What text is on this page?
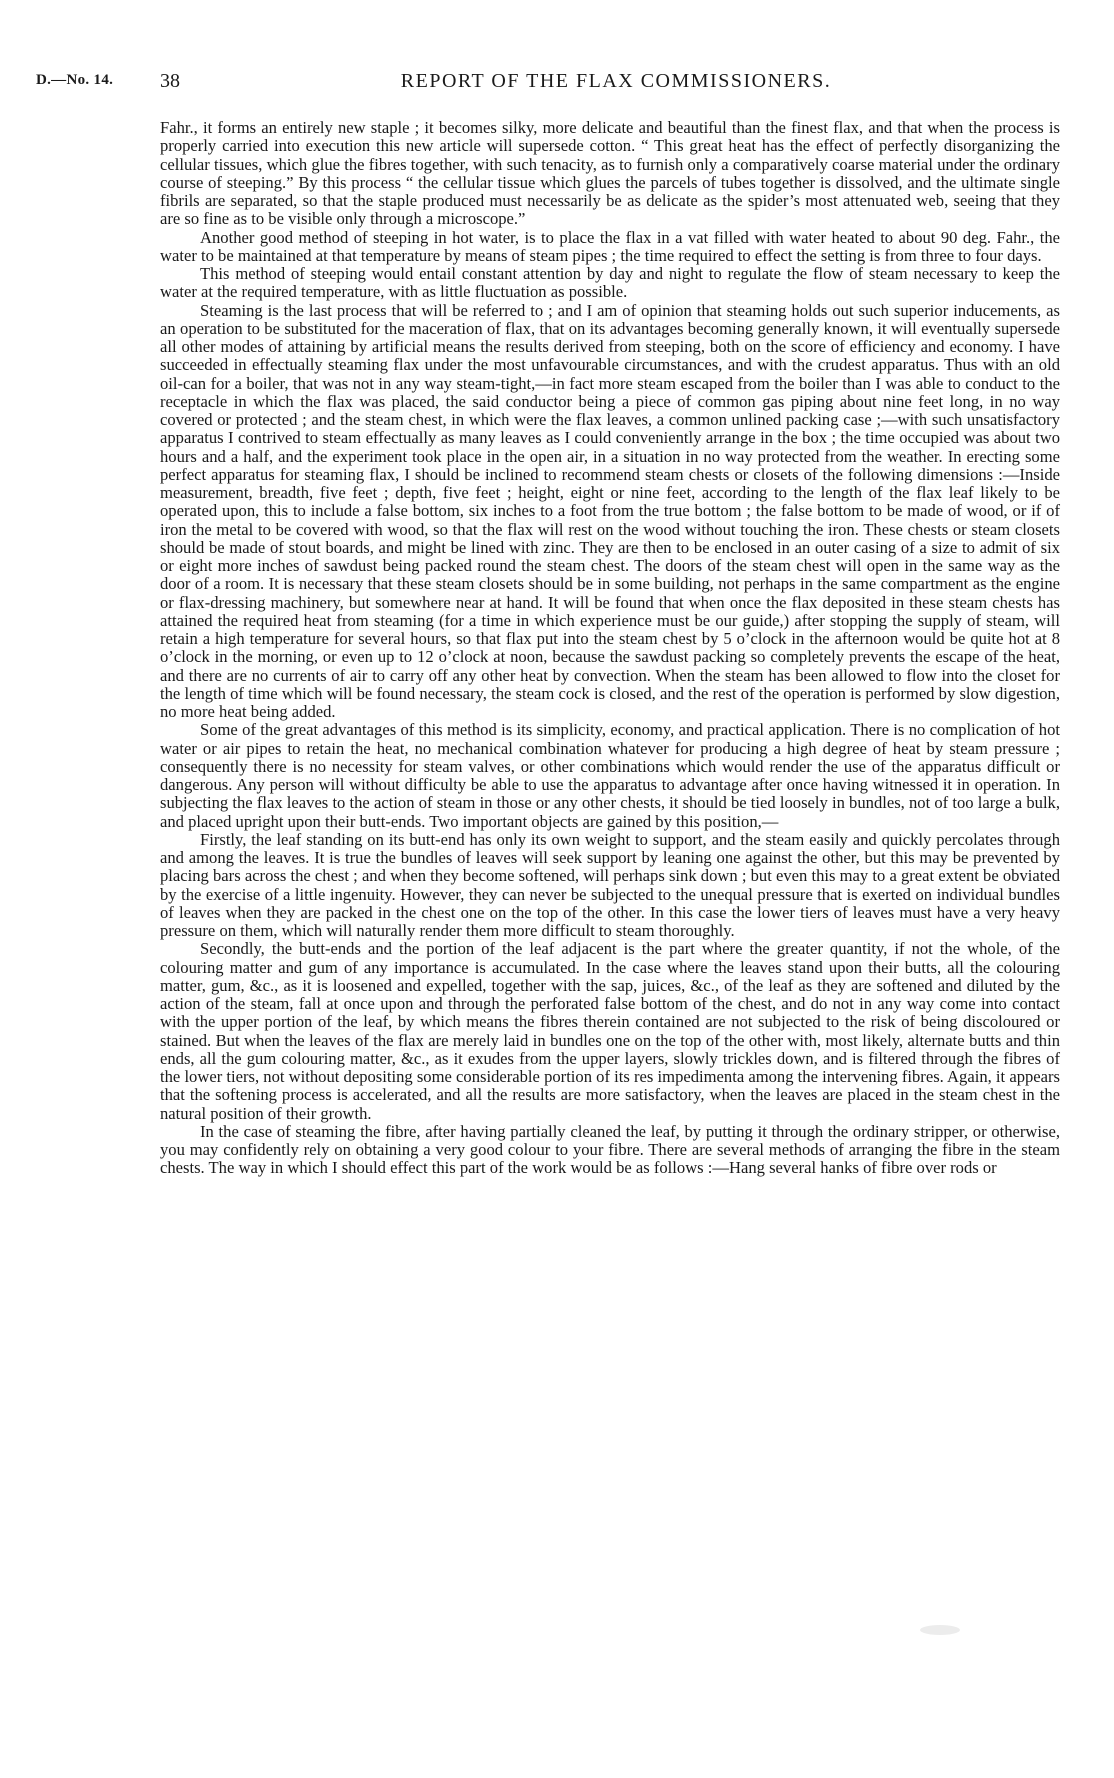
D.—No. 14. 38	REPORT OF THE FLAX COMMISSIONERS.

Fahr., it forms an entirely new staple ; it becomes silky, more delicate and beautiful than the finest flax, and that when the process is properly carried into execution this new article will supersede cotton. “ This great heat has the effect of perfectly disorganizing the cellular tissues, which glue the fibres together, with such tenacity, as to furnish only a comparatively coarse material under the ordinary course of steeping.” By this process “ the cellular tissue which glues the parcels of tubes together is dissolved, and the ultimate single fibrils are separated, so that the staple produced must necessarily be as delicate as the spider’s most attenuated web, seeing that they are so fine as to be visible only through a microscope.”

Another good method of steeping in hot water, is to place the flax in a vat filled with water heated to about 90 deg. Fahr., the water to be maintained at that temperature by means of steam pipes ; the time required to effect the setting is from three to four days.

This method of steeping would entail constant attention by day and night to regulate the flow of steam necessary to keep the water at the required temperature, with as little fluctuation as possible.

Steaming is the last process that will be referred to ; and I am of opinion that steaming holds out such superior inducements, as an operation to be substituted for the maceration of flax, that on its advantages becoming generally known, it will eventually supersede all other modes of attaining by artificial means the results derived from steeping, both on the score of efficiency and economy. I have succeeded in effectually steaming flax under the most unfavourable circumstances, and with the crudest apparatus. Thus with an old oil-can for a boiler, that was not in any way steam-tight,—in fact more steam escaped from the boiler than I was able to conduct to the receptacle in which the flax was placed, the said conductor being a piece of common gas piping about nine feet long, in no way covered or protected ; and the steam chest, in which were the flax leaves, a common unlined packing case ;—with such unsatisfactory apparatus I contrived to steam effectually as many leaves as I could conveniently arrange in the box ; the time occupied was about two hours and a half, and the experiment took place in the open air, in a situation in no way protected from the weather. In erecting some perfect apparatus for steaming flax, I should be inclined to recommend steam chests or closets of the following dimensions :—Inside measurement, breadth, five feet ; depth, five feet ; height, eight or nine feet, according to the length of the flax leaf likely to be operated upon, this to include a false bottom, six inches to a foot from the true bottom ; the false bottom to be made of wood, or if of iron the metal to be covered with wood, so that the flax will rest on the wood without touching the iron. These chests or steam closets should be made of stout boards, and might be lined with zinc. They are then to be enclosed in an outer casing of a size to admit of six or eight more inches of sawdust being packed round the steam chest. The doors of the steam chest will open in the same way as the door of a room. It is necessary that these steam closets should be in some building, not perhaps in the same compartment as the engine or flax-dressing machinery, but somewhere near at hand. It will be found that when once the flax deposited in these steam chests has attained the required heat from steaming (for a time in which experience must be our guide,) after stopping the supply of steam, will retain a high temperature for several hours, so that flax put into the steam chest by 5 o’clock in the afternoon would be quite hot at 8 o’clock in the morning, or even up to 12 o’clock at noon, because the sawdust packing so completely prevents the escape of the heat, and there are no currents of air to carry off any other heat by convection. When the steam has been allowed to flow into the closet for the length of time which will be found necessary, the steam cock is closed, and the rest of the operation is performed by slow digestion, no more heat being added.

Some of the great advantages of this method is its simplicity, economy, and practical application. There is no complication of hot water or air pipes to retain the heat, no mechanical combination whatever for producing a high degree of heat by steam pressure ; consequently there is no necessity for steam valves, or other combinations which would render the use of the apparatus difficult or dangerous. Any person will without difficulty be able to use the apparatus to advantage after once having witnessed it in operation. In subjecting the flax leaves to the action of steam in those or any other chests, it should be tied loosely in bundles, not of too large a bulk, and placed upright upon their butt-ends. Two important objects are gained by this position,—

Firstly, the leaf standing on its butt-end has only its own weight to support, and the steam easily and quickly percolates through and among the leaves. It is true the bundles of leaves will seek support by leaning one against the other, but this may be prevented by placing bars across the chest ; and when they become softened, will perhaps sink down ; but even this may to a great extent be obviated by the exercise of a little ingenuity. However, they can never be subjected to the unequal pressure that is exerted on individual bundles of leaves when they are packed in the chest one on the top of the other. In this case the lower tiers of leaves must have a very heavy pressure on them, which will naturally render them more difficult to steam thoroughly.

Secondly, the butt-ends and the portion of the leaf adjacent is the part where the greater quantity, if not the whole, of the colouring matter and gum of any importance is accumulated. In the case where the leaves stand upon their butts, all the colouring matter, gum, &c., as it is loosened and expelled, together with the sap, juices, &c., of the leaf as they are softened and diluted by the action of the steam, fall at once upon and through the perforated false bottom of the chest, and do not in any way come into contact with the upper portion of the leaf, by which means the fibres therein contained are not subjected to the risk of being discoloured or stained. But when the leaves of the flax are merely laid in bundles one on the top of the other with, most likely, alternate butts and thin ends, all the gum colouring matter, &c., as it exudes from the upper layers, slowly trickles down, and is filtered through the fibres of the lower tiers, not without depositing some considerable portion of its res impedimenta among the intervening fibres. Again, it appears that the softening process is accelerated, and all the results are more satisfactory, when the leaves are placed in the steam chest in the natural position of their growth.

In the case of steaming the fibre, after having partially cleaned the leaf, by putting it through the ordinary stripper, or otherwise, you may confidently rely on obtaining a very good colour to your fibre. There are several methods of arranging the fibre in the steam chests. The way in which I should effect this part of the work would be as follows :—Hang several hanks of fibre over rods or
